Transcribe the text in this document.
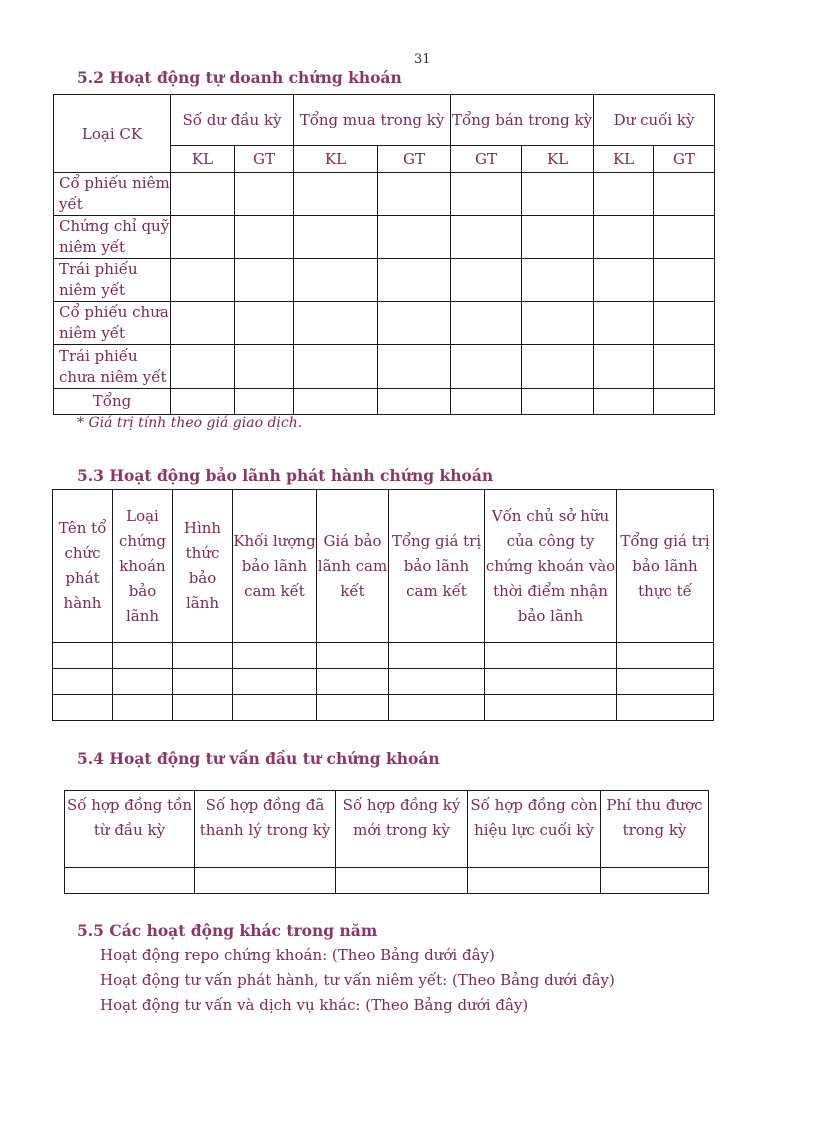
31
5.2 Hoạt động tự doanh chứng khoán
Loại CK	Số dư đầu kỳ		Tổng mua trong kỳ		Tổng bán trong kỳ		Dư cuối kỳ	
	KL	GT	KL	GT	GT	KL	KL	GT
Cổ phiếu niêm yết								
Chứng chỉ quỹ niêm yết								
Trái phiếu niêm yết								
Cổ phiếu chưa niêm yết								
Trái phiếu chưa niêm yết								
Tổng								
* Giá trị tính theo giá giao dịch.
5.3 Hoạt động bảo lãnh phát hành chứng khoán
Tên tổ chức phát hành	Loại chứng khoán bảo lãnh	Hình thức bảo lãnh	Khối lượng bảo lãnh cam kết	Giá bảo lãnh cam kết	Tổng giá trị bảo lãnh cam kết	Vốn chủ sở hữu của công ty chứng khoán vào thời điểm nhận bảo lãnh	Tổng giá trị bảo lãnh thực tế

5.4 Hoạt động tư vấn đầu tư chứng khoán
Số hợp đồng tồn từ đầu kỳ	Số hợp đồng đã thanh lý trong kỳ	Số hợp đồng ký mới trong kỳ	Số hợp đồng còn hiệu lực cuối kỳ	Phí thu được trong kỳ

5.5 Các hoạt động khác trong năm
Hoạt động repo chứng khoán: (Theo Bảng dưới đây)
Hoạt động tư vấn phát hành, tư vấn niêm yết: (Theo Bảng dưới đây)
Hoạt động tư vấn và dịch vụ khác: (Theo Bảng dưới đây)
